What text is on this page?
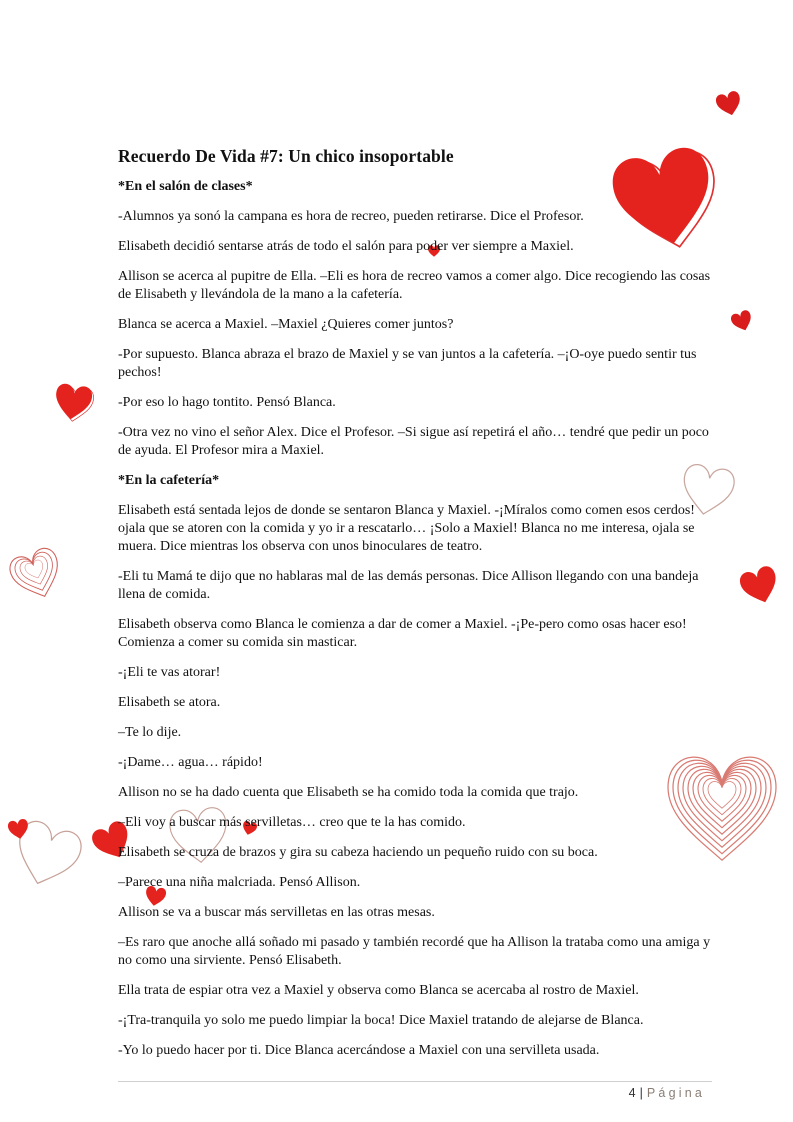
Recuerdo De Vida #7: Un chico insoportable

*En el salón de clases*

-Alumnos ya sonó la campana es hora de recreo, pueden retirarse. Dice el Profesor.

Elisabeth decidió sentarse atrás de todo el salón para poder ver siempre a Maxiel.

Allison se acerca al pupitre de Ella. –Eli es hora de recreo vamos a comer algo. Dice recogiendo las cosas de Elisabeth y llevándola de la mano a la cafetería.

Blanca se acerca a Maxiel. –Maxiel ¿Quieres comer juntos?

-Por supuesto. Blanca abraza el brazo de Maxiel y se van juntos a la cafetería. –¡O-oye puedo sentir tus pechos!

-Por eso lo hago tontito. Pensó Blanca.

-Otra vez no vino el señor Alex. Dice el Profesor. –Si sigue así repetirá el año… tendré que pedir un poco de ayuda. El Profesor mira a Maxiel.

*En la cafetería*

Elisabeth está sentada lejos de donde se sentaron Blanca y Maxiel. -¡Míralos como comen esos cerdos! ojala que se atoren con la comida y yo ir a rescatarlo… ¡Solo a Maxiel! Blanca no me interesa, ojala se muera. Dice mientras los observa con unos binoculares de teatro.

-Eli tu Mamá te dijo que no hablaras mal de las demás personas. Dice Allison llegando con una bandeja llena de comida.

Elisabeth observa como Blanca le comienza a dar de comer a Maxiel. -¡Pe-pero como osas hacer eso! Comienza a comer su comida sin masticar.

-¡Eli te vas atorar!

Elisabeth se atora.

–Te lo dije.

-¡Dame… agua… rápido!

Allison no se ha dado cuenta que Elisabeth se ha comido toda la comida que trajo.

–Eli voy a buscar más servilletas… creo que te la has comido.

Elisabeth se cruza de brazos y gira su cabeza haciendo un pequeño ruido con su boca.

–Parece una niña malcriada. Pensó Allison.

Allison se va a buscar más servilletas en las otras mesas.

–Es raro que anoche allá soñado mi pasado y también recordé que ha Allison la trataba como una amiga y no como una sirviente. Pensó Elisabeth.

Ella trata de espiar otra vez a Maxiel y observa como Blanca se acercaba al rostro de Maxiel.

-¡Tra-tranquila yo solo me puedo limpiar la boca! Dice Maxiel tratando de alejarse de Blanca.

-Yo lo puedo hacer por ti. Dice Blanca acercándose a Maxiel con una servilleta usada.

4 | Página
